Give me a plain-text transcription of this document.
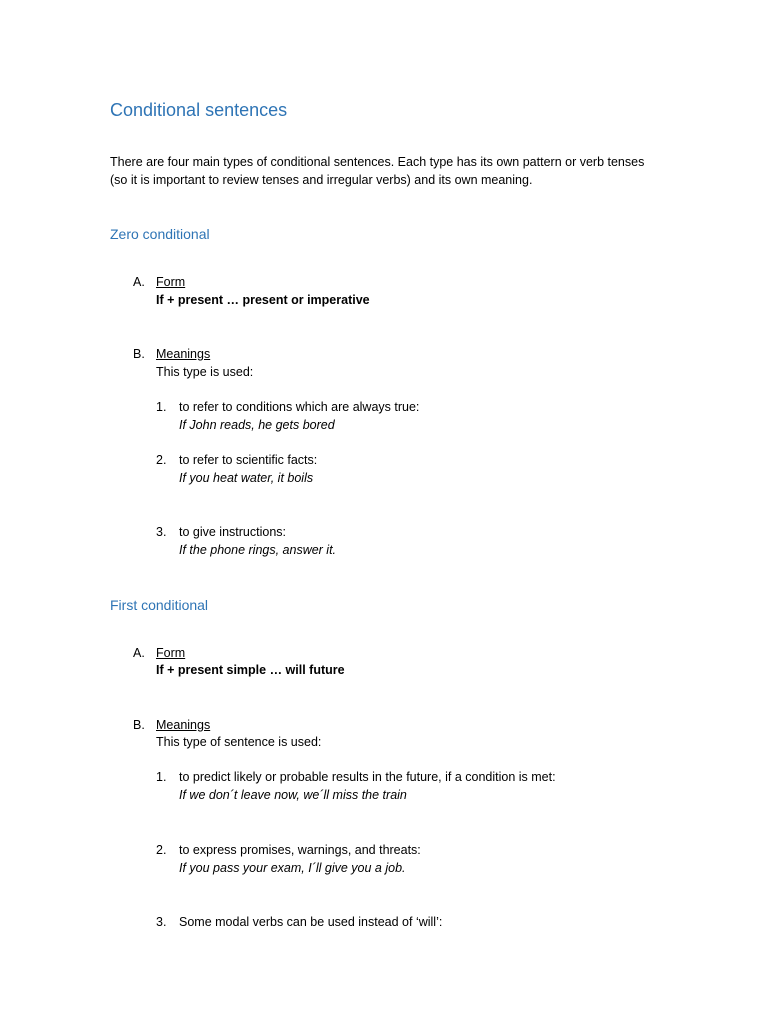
Conditional sentences

There are four main types of conditional sentences. Each type has its own pattern or verb tenses (so it is important to review tenses and irregular verbs) and its own meaning.

Zero conditional
A. Form
If + present … present or imperative
B. Meanings
This type is used:
1. to refer to conditions which are always true:
If John reads, he gets bored
2. to refer to scientific facts:
If you heat water, it boils
3. to give instructions:
If the phone rings, answer it.
First conditional
A. Form
If + present simple … will future
B. Meanings
This type of sentence is used:
1. to predict likely or probable results in the future, if a condition is met:
If we don´t leave now, we´ll miss the train
2. to express promises, warnings, and threats:
If you pass your exam, I´ll give you a job.
3. Some modal verbs can be used instead of ‘will’:
